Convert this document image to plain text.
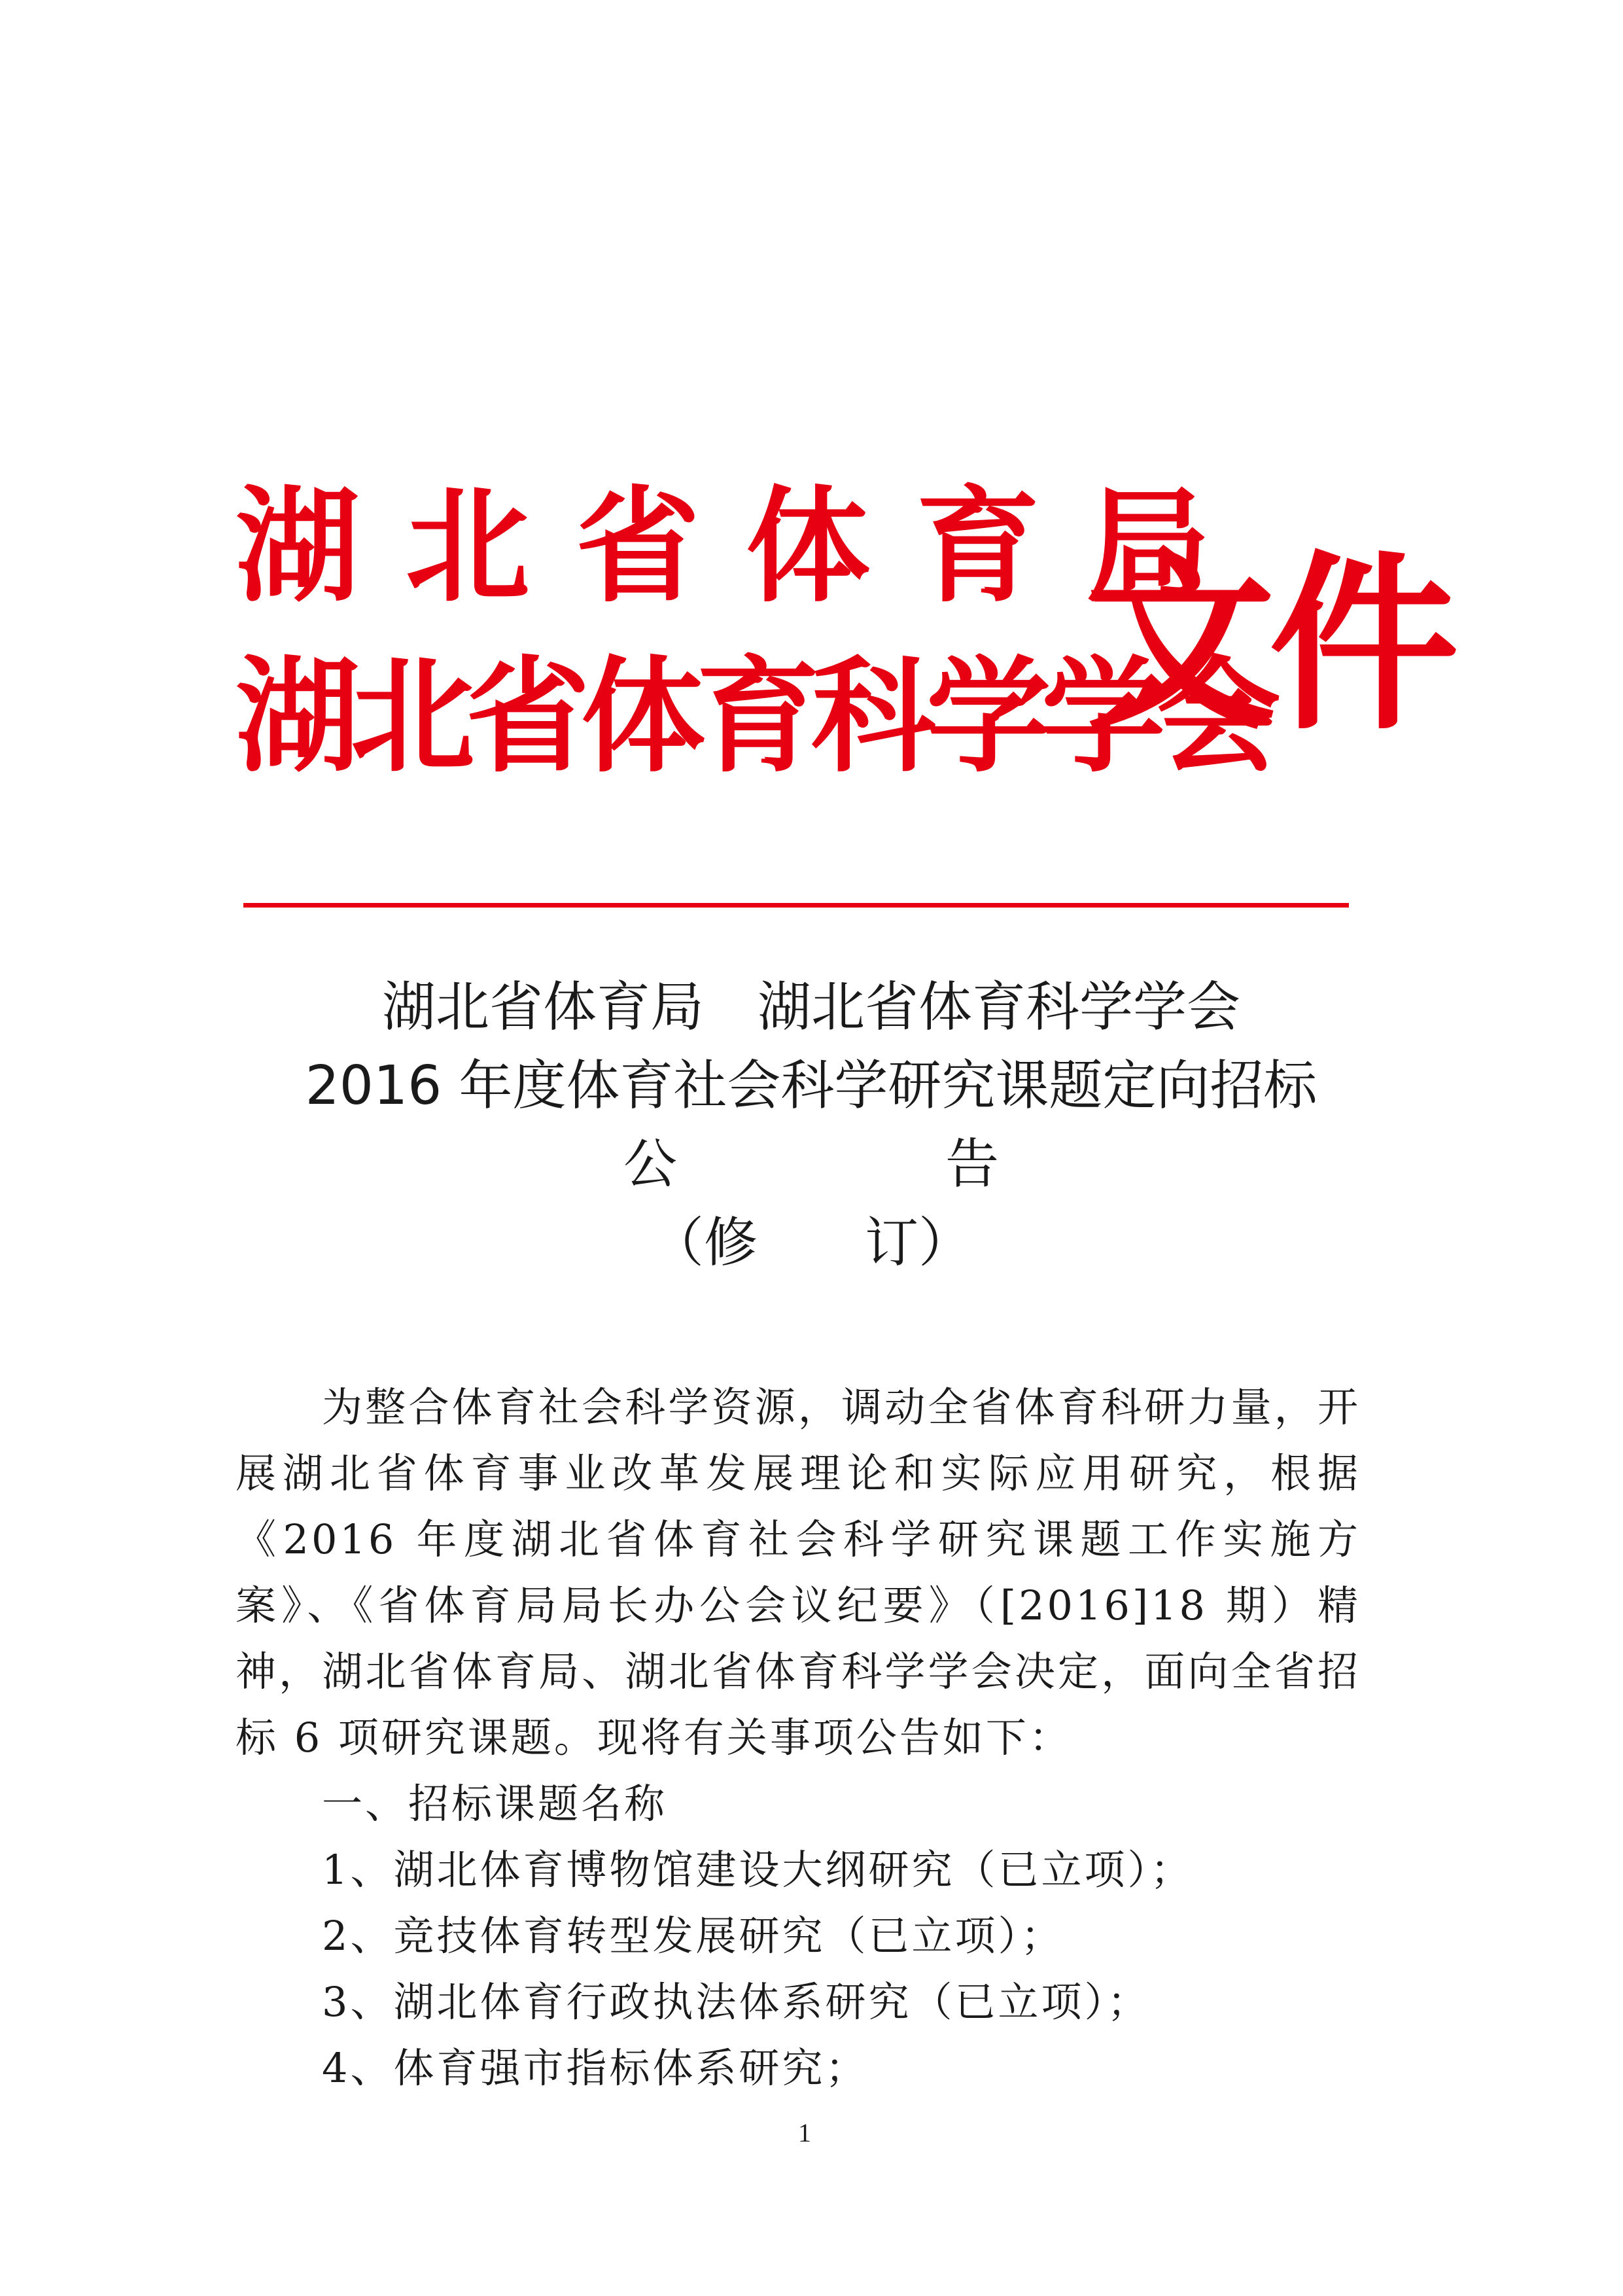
湖北省体育局
湖北省体育科学学会
文件
湖北省体育局　湖北省体育科学学会
2016 年度体育社会科学研究课题定向招标
公　　　　　告
（修　　订）

为整合体育社会科学资源，调动全省体育科研力量，开展湖北省体育事业改革发展理论和实际应用研究，根据《2016 年度湖北省体育社会科学研究课题工作实施方案》、《省体育局局长办公会议纪要》（[2016]18 期）精神，湖北省体育局、湖北省体育科学学会决定，面向全省招标 6 项研究课题。现将有关事项公告如下：

一、招标课题名称

1、湖北体育博物馆建设大纲研究（已立项）；
2、竞技体育转型发展研究（已立项）；
3、湖北体育行政执法体系研究（已立项）；
4、体育强市指标体系研究；
1
